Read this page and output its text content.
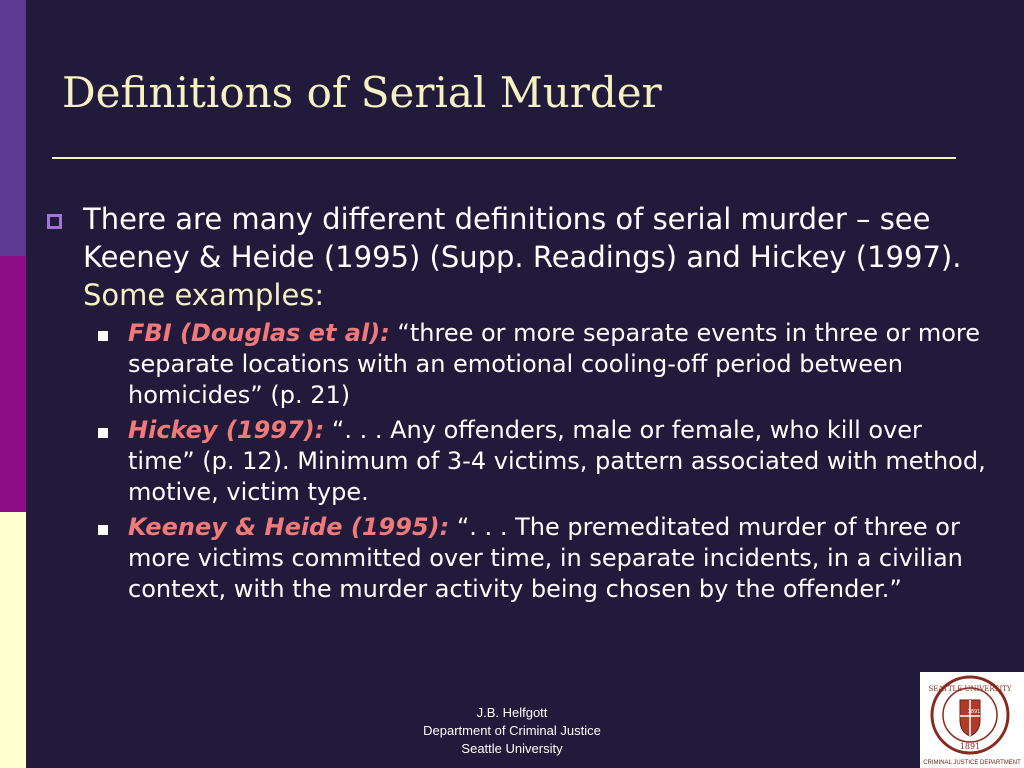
Definitions of Serial Murder
There are many different definitions of serial murder – see Keeney & Heide (1995) (Supp. Readings) and Hickey (1997). Some examples:
FBI (Douglas et al): “three or more separate events in three or more separate locations with an emotional cooling-off period between homicides” (p. 21)
Hickey (1997): “. . . Any offenders, male or female, who kill over time” (p. 12). Minimum of 3-4 victims, pattern associated with method, motive, victim type.
Keeney & Heide (1995): “. . . The premeditated murder of three or more victims committed over time, in separate incidents, in a civilian context, with the murder activity being chosen by the offender.”
J.B. Helfgott
Department of Criminal Justice
Seattle University
SEATTLE UNIVERSITY
1891
1891
CRIMINAL JUSTICE DEPARTMENT
